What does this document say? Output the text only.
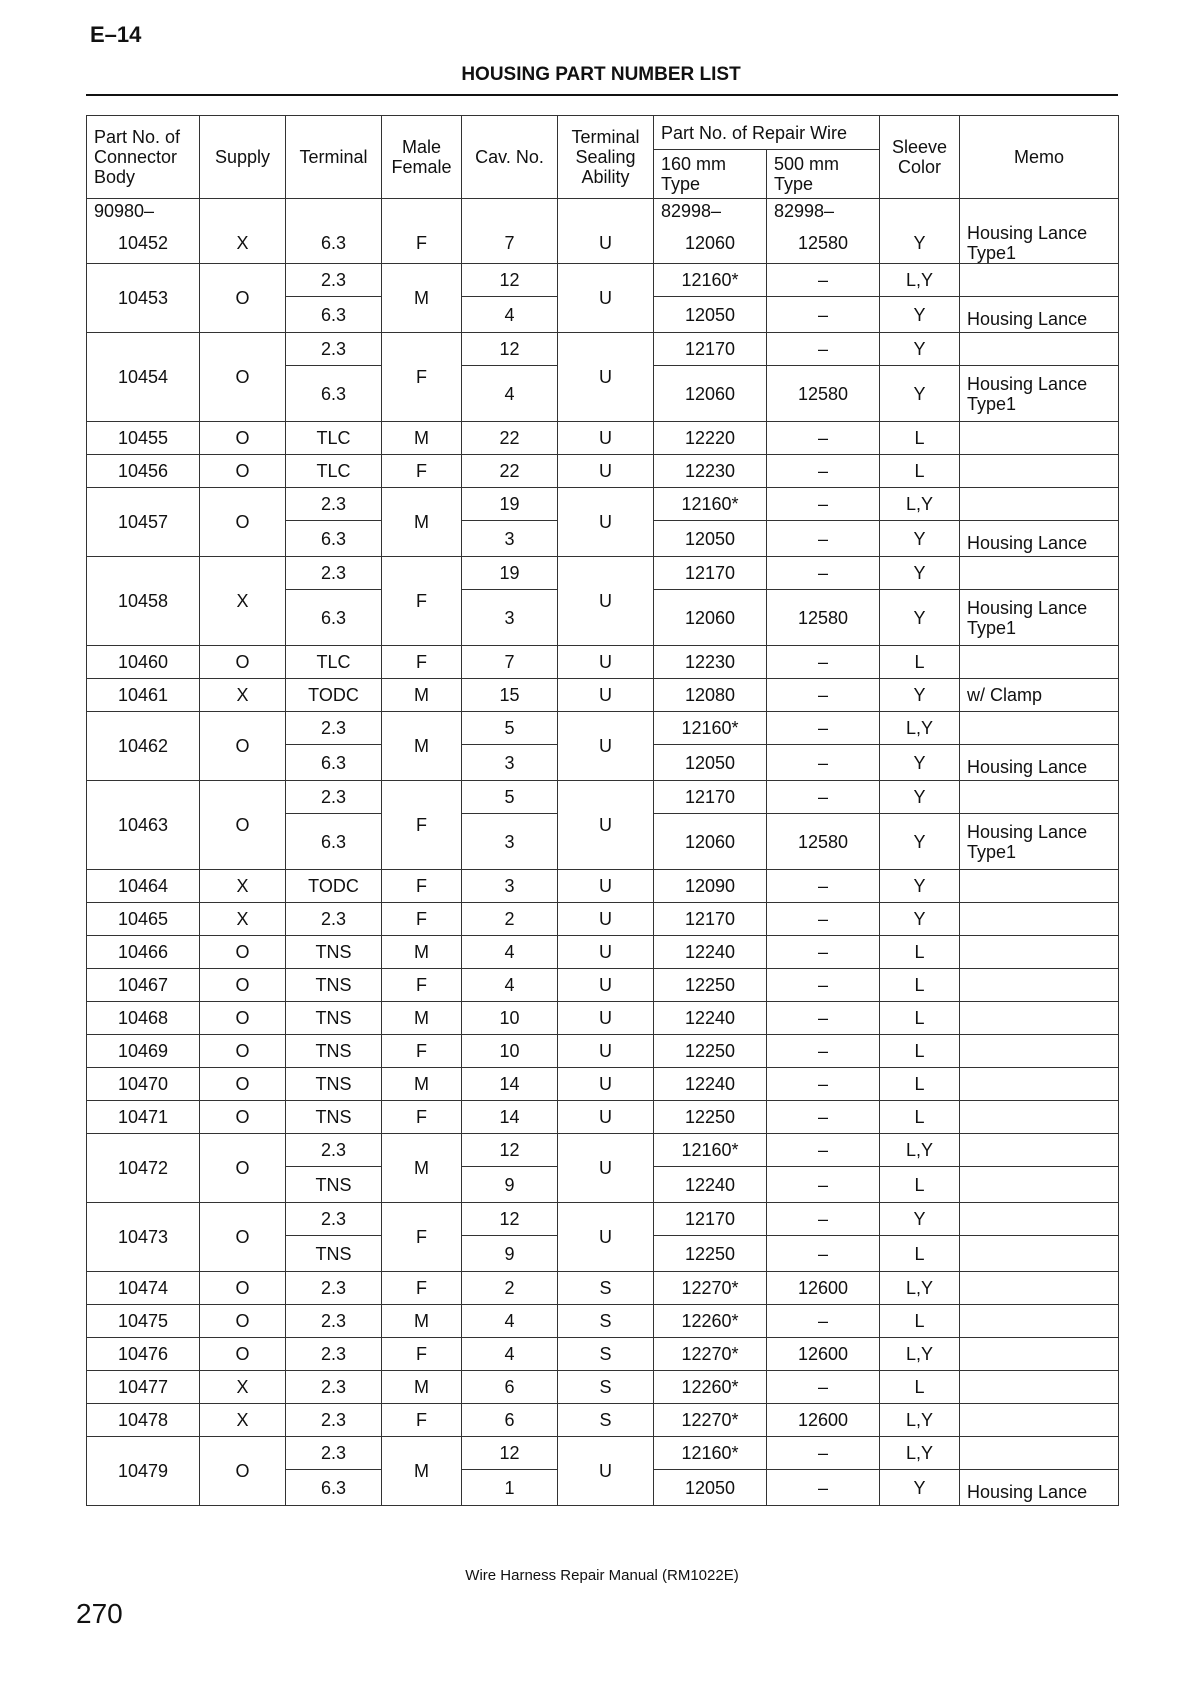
E–14
HOUSING PART NUMBER LIST
Part No. of Connector Body	Supply	Terminal	Male Female	Cav. No.	Terminal Sealing Ability	Part No. of Repair Wire		Sleeve Color	Memo
						160 mm Type	500 mm Type		
90980–						82998–	82998–		
10452	X	6.3	F	7	U	12060	12580	Y	Housing Lance Type1
10453	O	2.3	M	12	U	12160*	–	L,Y	
		6.3		4		12050	–	Y	Housing Lance
10454	O	2.3	F	12	U	12170	–	Y	
		6.3		4		12060	12580	Y	Housing Lance Type1
10455	O	TLC	M	22	U	12220	–	L	
10456	O	TLC	F	22	U	12230	–	L	
10457	O	2.3	M	19	U	12160*	–	L,Y	
		6.3		3		12050	–	Y	Housing Lance
10458	X	2.3	F	19	U	12170	–	Y	
		6.3		3		12060	12580	Y	Housing Lance Type1
10460	O	TLC	F	7	U	12230	–	L	
10461	X	TODC	M	15	U	12080	–	Y	w/ Clamp
10462	O	2.3	M	5	U	12160*	–	L,Y	
		6.3		3		12050	–	Y	Housing Lance
10463	O	2.3	F	5	U	12170	–	Y	
		6.3		3		12060	12580	Y	Housing Lance Type1
10464	X	TODC	F	3	U	12090	–	Y	
10465	X	2.3	F	2	U	12170	–	Y	
10466	O	TNS	M	4	U	12240	–	L	
10467	O	TNS	F	4	U	12250	–	L	
10468	O	TNS	M	10	U	12240	–	L	
10469	O	TNS	F	10	U	12250	–	L	
10470	O	TNS	M	14	U	12240	–	L	
10471	O	TNS	F	14	U	12250	–	L	
10472	O	2.3	M	12	U	12160*	–	L,Y	
		TNS		9		12240	–	L	
10473	O	2.3	F	12	U	12170	–	Y	
		TNS		9		12250	–	L	
10474	O	2.3	F	2	S	12270*	12600	L,Y	
10475	O	2.3	M	4	S	12260*	–	L	
10476	O	2.3	F	4	S	12270*	12600	L,Y	
10477	X	2.3	M	6	S	12260*	–	L	
10478	X	2.3	F	6	S	12270*	12600	L,Y	
10479	O	2.3	M	12	U	12160*	–	L,Y	
		6.3		1		12050	–	Y	Housing Lance
Wire Harness Repair Manual (RM1022E)
270
